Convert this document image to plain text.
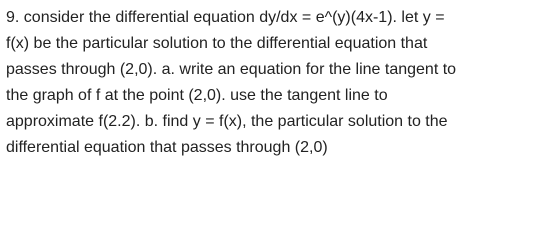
9. consider the differential equation dy/dx = e^(y)(4x-1). let y =
f(x) be the particular solution to the differential equation that
passes through (2,0). a. write an equation for the line tangent to
the graph of f at the point (2,0). use the tangent line to
approximate f(2.2). b. find y = f(x), the particular solution to the
differential equation that passes through (2,0)
